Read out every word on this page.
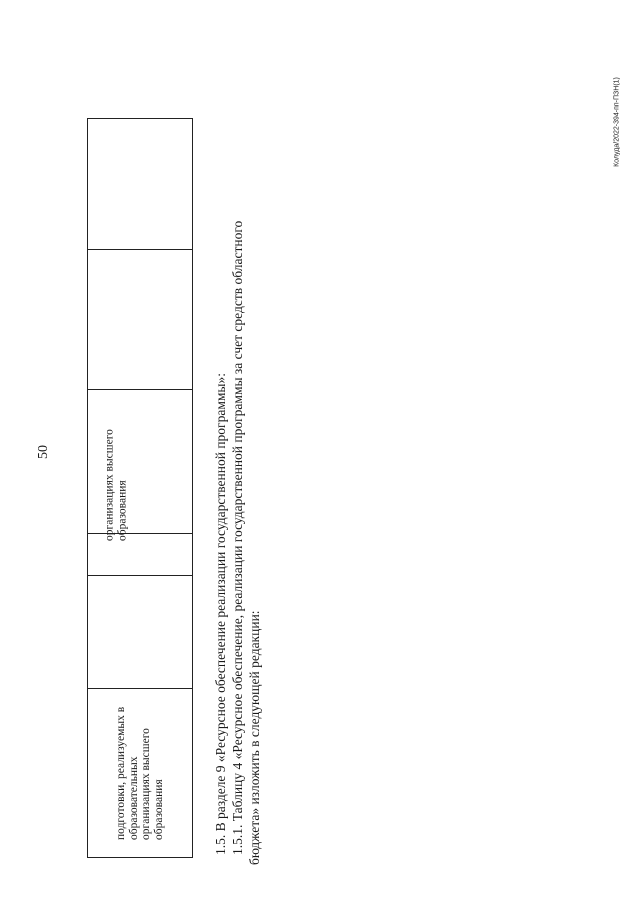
50
Колуда/2022-394-пп-ПЗН(1)
подготовки, реализуемых в образовательных организациях высшего образования
организациях высшего образования	1.5. В разделе 9 «Ресурсное обеспечение реализации государственной программы»: 1.5.1. Таблицу 4 «Ресурсное обеспечение, реализации государственной программы за счет средств областного бюджета» изложить в следующей редакции:
